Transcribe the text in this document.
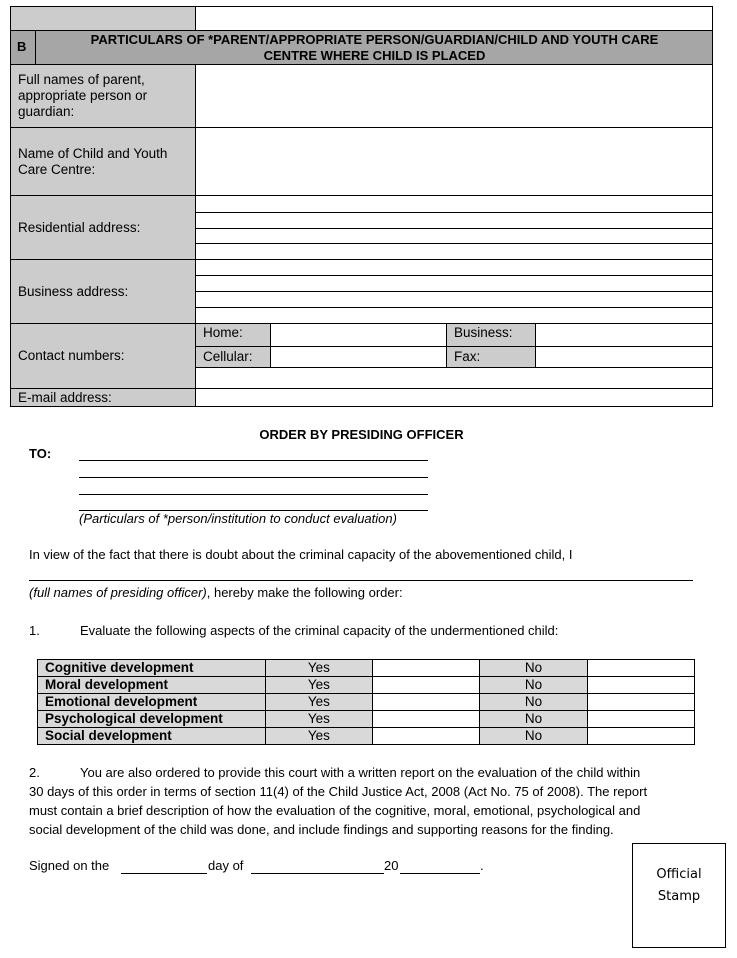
B	PARTICULARS OF *PARENT/APPROPRIATE PERSON/GUARDIAN/CHILD AND YOUTH CARE
CENTRE WHERE CHILD IS PLACED
Full names of parent,
appropriate person or
guardian:
Name of Child and Youth
Care Centre:
Residential address:
Business address:
Contact numbers:
Home:	Business:
Cellular:	Fax:
E-mail address:
ORDER BY PRESIDING OFFICER
TO:
(Particulars of *person/institution to conduct evaluation)
In view of the fact that there is doubt about the criminal capacity of the abovementioned child, I
(full names of presiding officer), hereby make the following order:
1.	Evaluate the following aspects of the criminal capacity of the undermentioned child:
Cognitive development	Yes		No	
Moral development	Yes		No	
Emotional development	Yes		No	
Psychological development	Yes		No	
Social development	Yes		No	
2.	You are also ordered to provide this court with a written report on the evaluation of the child within
30 days of this order in terms of section 11(4) of the Child Justice Act, 2008 (Act No. 75 of 2008). The report
must contain a brief description of how the evaluation of the cognitive, moral, emotional, psychological and
social development of the child was done, and include findings and supporting reasons for the finding.
Signed on the	day of	20	.
Official
Stamp
